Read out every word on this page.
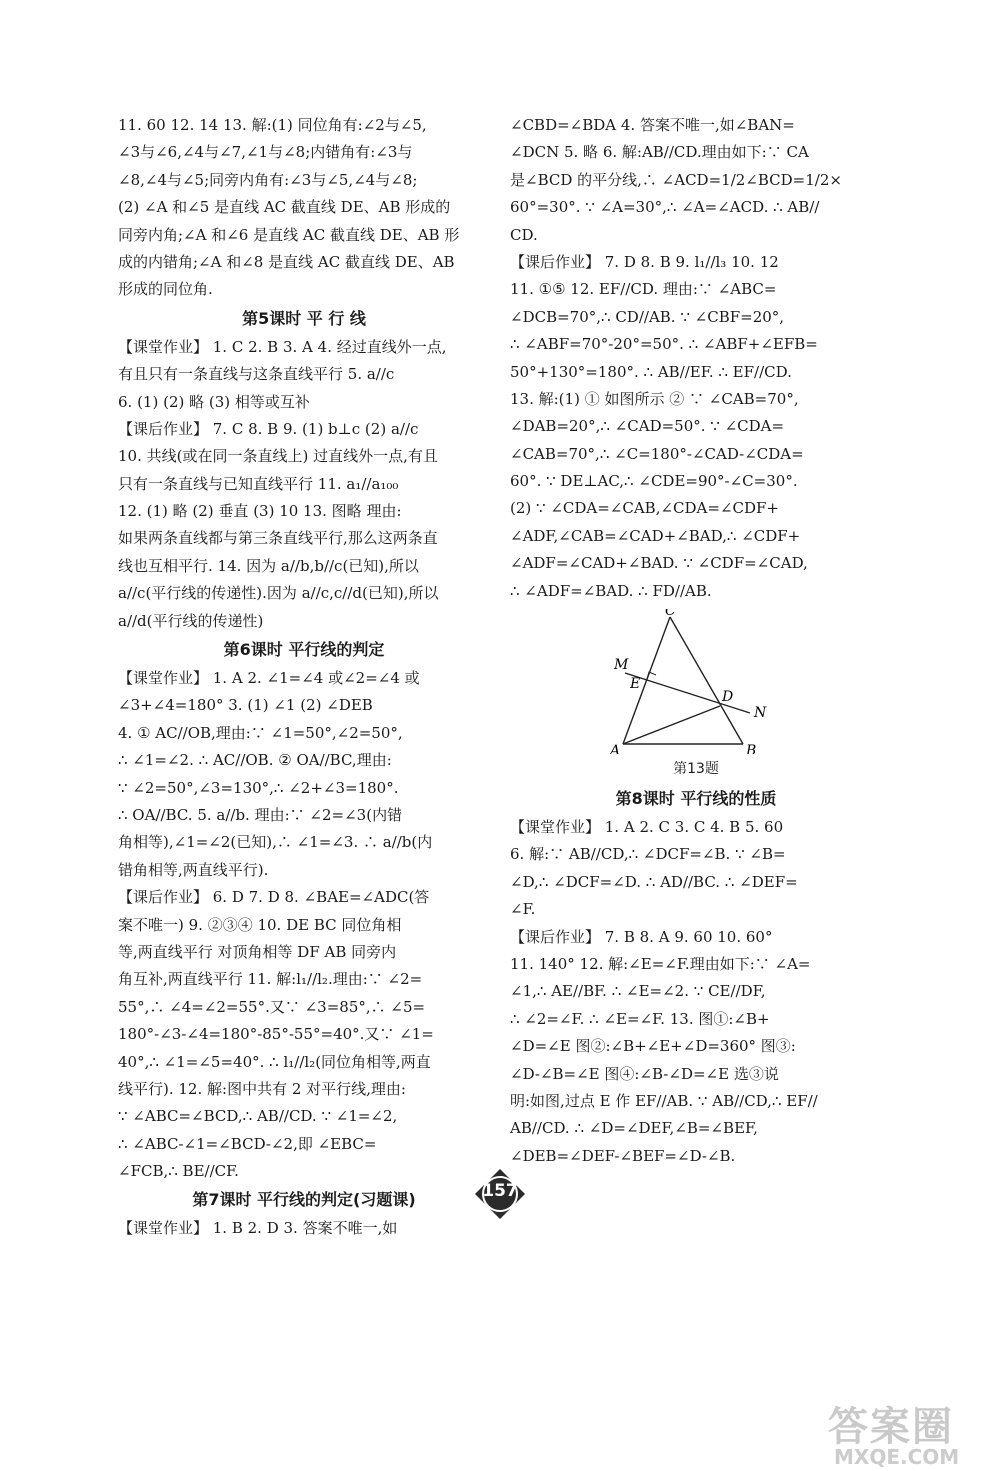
11. 60 12. 14 13. 解:(1) 同位角有:∠2与∠5,
∠3与∠6,∠4与∠7,∠1与∠8;内错角有:∠3与
∠8,∠4与∠5;同旁内角有:∠3与∠5,∠4与∠8;
(2) ∠A 和∠5 是直线 AC 截直线 DE、AB 形成的
同旁内角;∠A 和∠6 是直线 AC 截直线 DE、AB 形
成的内错角;∠A 和∠8 是直线 AC 截直线 DE、AB
形成的同位角.
第5课时 平 行 线
【课堂作业】 1. C 2. B 3. A 4. 经过直线外一点,
有且只有一条直线与这条直线平行 5. a//c
6. (1) (2) 略 (3) 相等或互补
【课后作业】 7. C 8. B 9. (1) b⊥c (2) a//c
10. 共线(或在同一条直线上) 过直线外一点,有且
只有一条直线与已知直线平行 11. a₁//a₁₀₀
12. (1) 略 (2) 垂直 (3) 10 13. 图略 理由:
如果两条直线都与第三条直线平行,那么这两条直
线也互相平行. 14. 因为 a//b,b//c(已知),所以
a//c(平行线的传递性).因为 a//c,c//d(已知),所以
a//d(平行线的传递性)
第6课时 平行线的判定
【课堂作业】 1. A 2. ∠1=∠4 或∠2=∠4 或
∠3+∠4=180° 3. (1) ∠1 (2) ∠DEB
4. ① AC//OB,理由:∵ ∠1=50°,∠2=50°,
∴ ∠1=∠2. ∴ AC//OB. ② OA//BC,理由:
∵ ∠2=50°,∠3=130°,∴ ∠2+∠3=180°.
∴ OA//BC. 5. a//b. 理由:∵ ∠2=∠3(内错
角相等),∠1=∠2(已知),∴ ∠1=∠3. ∴ a//b(内
错角相等,两直线平行).
【课后作业】 6. D 7. D 8. ∠BAE=∠ADC(答
案不唯一) 9. ②③④ 10. DE BC 同位角相
等,两直线平行 对顶角相等 DF AB 同旁内
角互补,两直线平行 11. 解:l₁//l₂.理由:∵ ∠2=
55°,∴ ∠4=∠2=55°.又∵ ∠3=85°,∴ ∠5=
180°-∠3-∠4=180°-85°-55°=40°.又∵ ∠1=
40°,∴ ∠1=∠5=40°. ∴ l₁//l₂(同位角相等,两直
线平行). 12. 解:图中共有 2 对平行线,理由:
∵ ∠ABC=∠BCD,∴ AB//CD. ∵ ∠1=∠2,
∴ ∠ABC-∠1=∠BCD-∠2,即 ∠EBC=
∠FCB,∴ BE//CF.
第7课时 平行线的判定(习题课)
【课堂作业】 1. B 2. D 3. 答案不唯一,如
∠CBD=∠BDA 4. 答案不唯一,如∠BAN=
∠DCN 5. 略 6. 解:AB//CD.理由如下:∵ CA
是∠BCD 的平分线,∴ ∠ACD=1/2∠BCD=1/2×
60°=30°. ∵ ∠A=30°,∴ ∠A=∠ACD. ∴ AB//
CD.
【课后作业】 7. D 8. B 9. l₁//l₃ 10. 12
11. ①⑤ 12. EF//CD. 理由:∵ ∠ABC=
∠DCB=70°,∴ CD//AB. ∵ ∠CBF=20°,
∴ ∠ABF=70°-20°=50°. ∴ ∠ABF+∠EFB=
50°+130°=180°. ∴ AB//EF. ∴ EF//CD.
13. 解:(1) ① 如图所示 ② ∵ ∠CAB=70°,
∠DAB=20°,∴ ∠CAD=50°. ∵ ∠CDA=
∠CAB=70°,∴ ∠C=180°-∠CAD-∠CDA=
60°. ∵ DE⊥AC,∴ ∠CDE=90°-∠C=30°.
(2) ∵ ∠CDA=∠CAB,∠CDA=∠CDF+
∠ADF,∠CAB=∠CAD+∠BAD,∴ ∠CDF+
∠ADF=∠CAD+∠BAD. ∵ ∠CDF=∠CAD,
∴ ∠ADF=∠BAD. ∴ FD//AB.
C
M
E
D
N
A	B
第13题
第8课时 平行线的性质
【课堂作业】 1. A 2. C 3. C 4. B 5. 60
6. 解:∵ AB//CD,∴ ∠DCF=∠B. ∵ ∠B=
∠D,∴ ∠DCF=∠D. ∴ AD//BC. ∴ ∠DEF=
∠F.
【课后作业】 7. B 8. A 9. 60 10. 60°
11. 140° 12. 解:∠E=∠F.理由如下:∵ ∠A=
∠1,∴ AE//BF. ∴ ∠E=∠2. ∵ CE//DF,
∴ ∠2=∠F. ∴ ∠E=∠F. 13. 图①:∠B+
∠D=∠E 图②:∠B+∠E+∠D=360° 图③:
∠D-∠B=∠E 图④:∠B-∠D=∠E 选③说
明:如图,过点 E 作 EF//AB. ∵ AB//CD,∴ EF//
AB//CD. ∴ ∠D=∠DEF,∠B=∠BEF,
∠DEB=∠DEF-∠BEF=∠D-∠B.
157
答案圈
MXQE.COM
